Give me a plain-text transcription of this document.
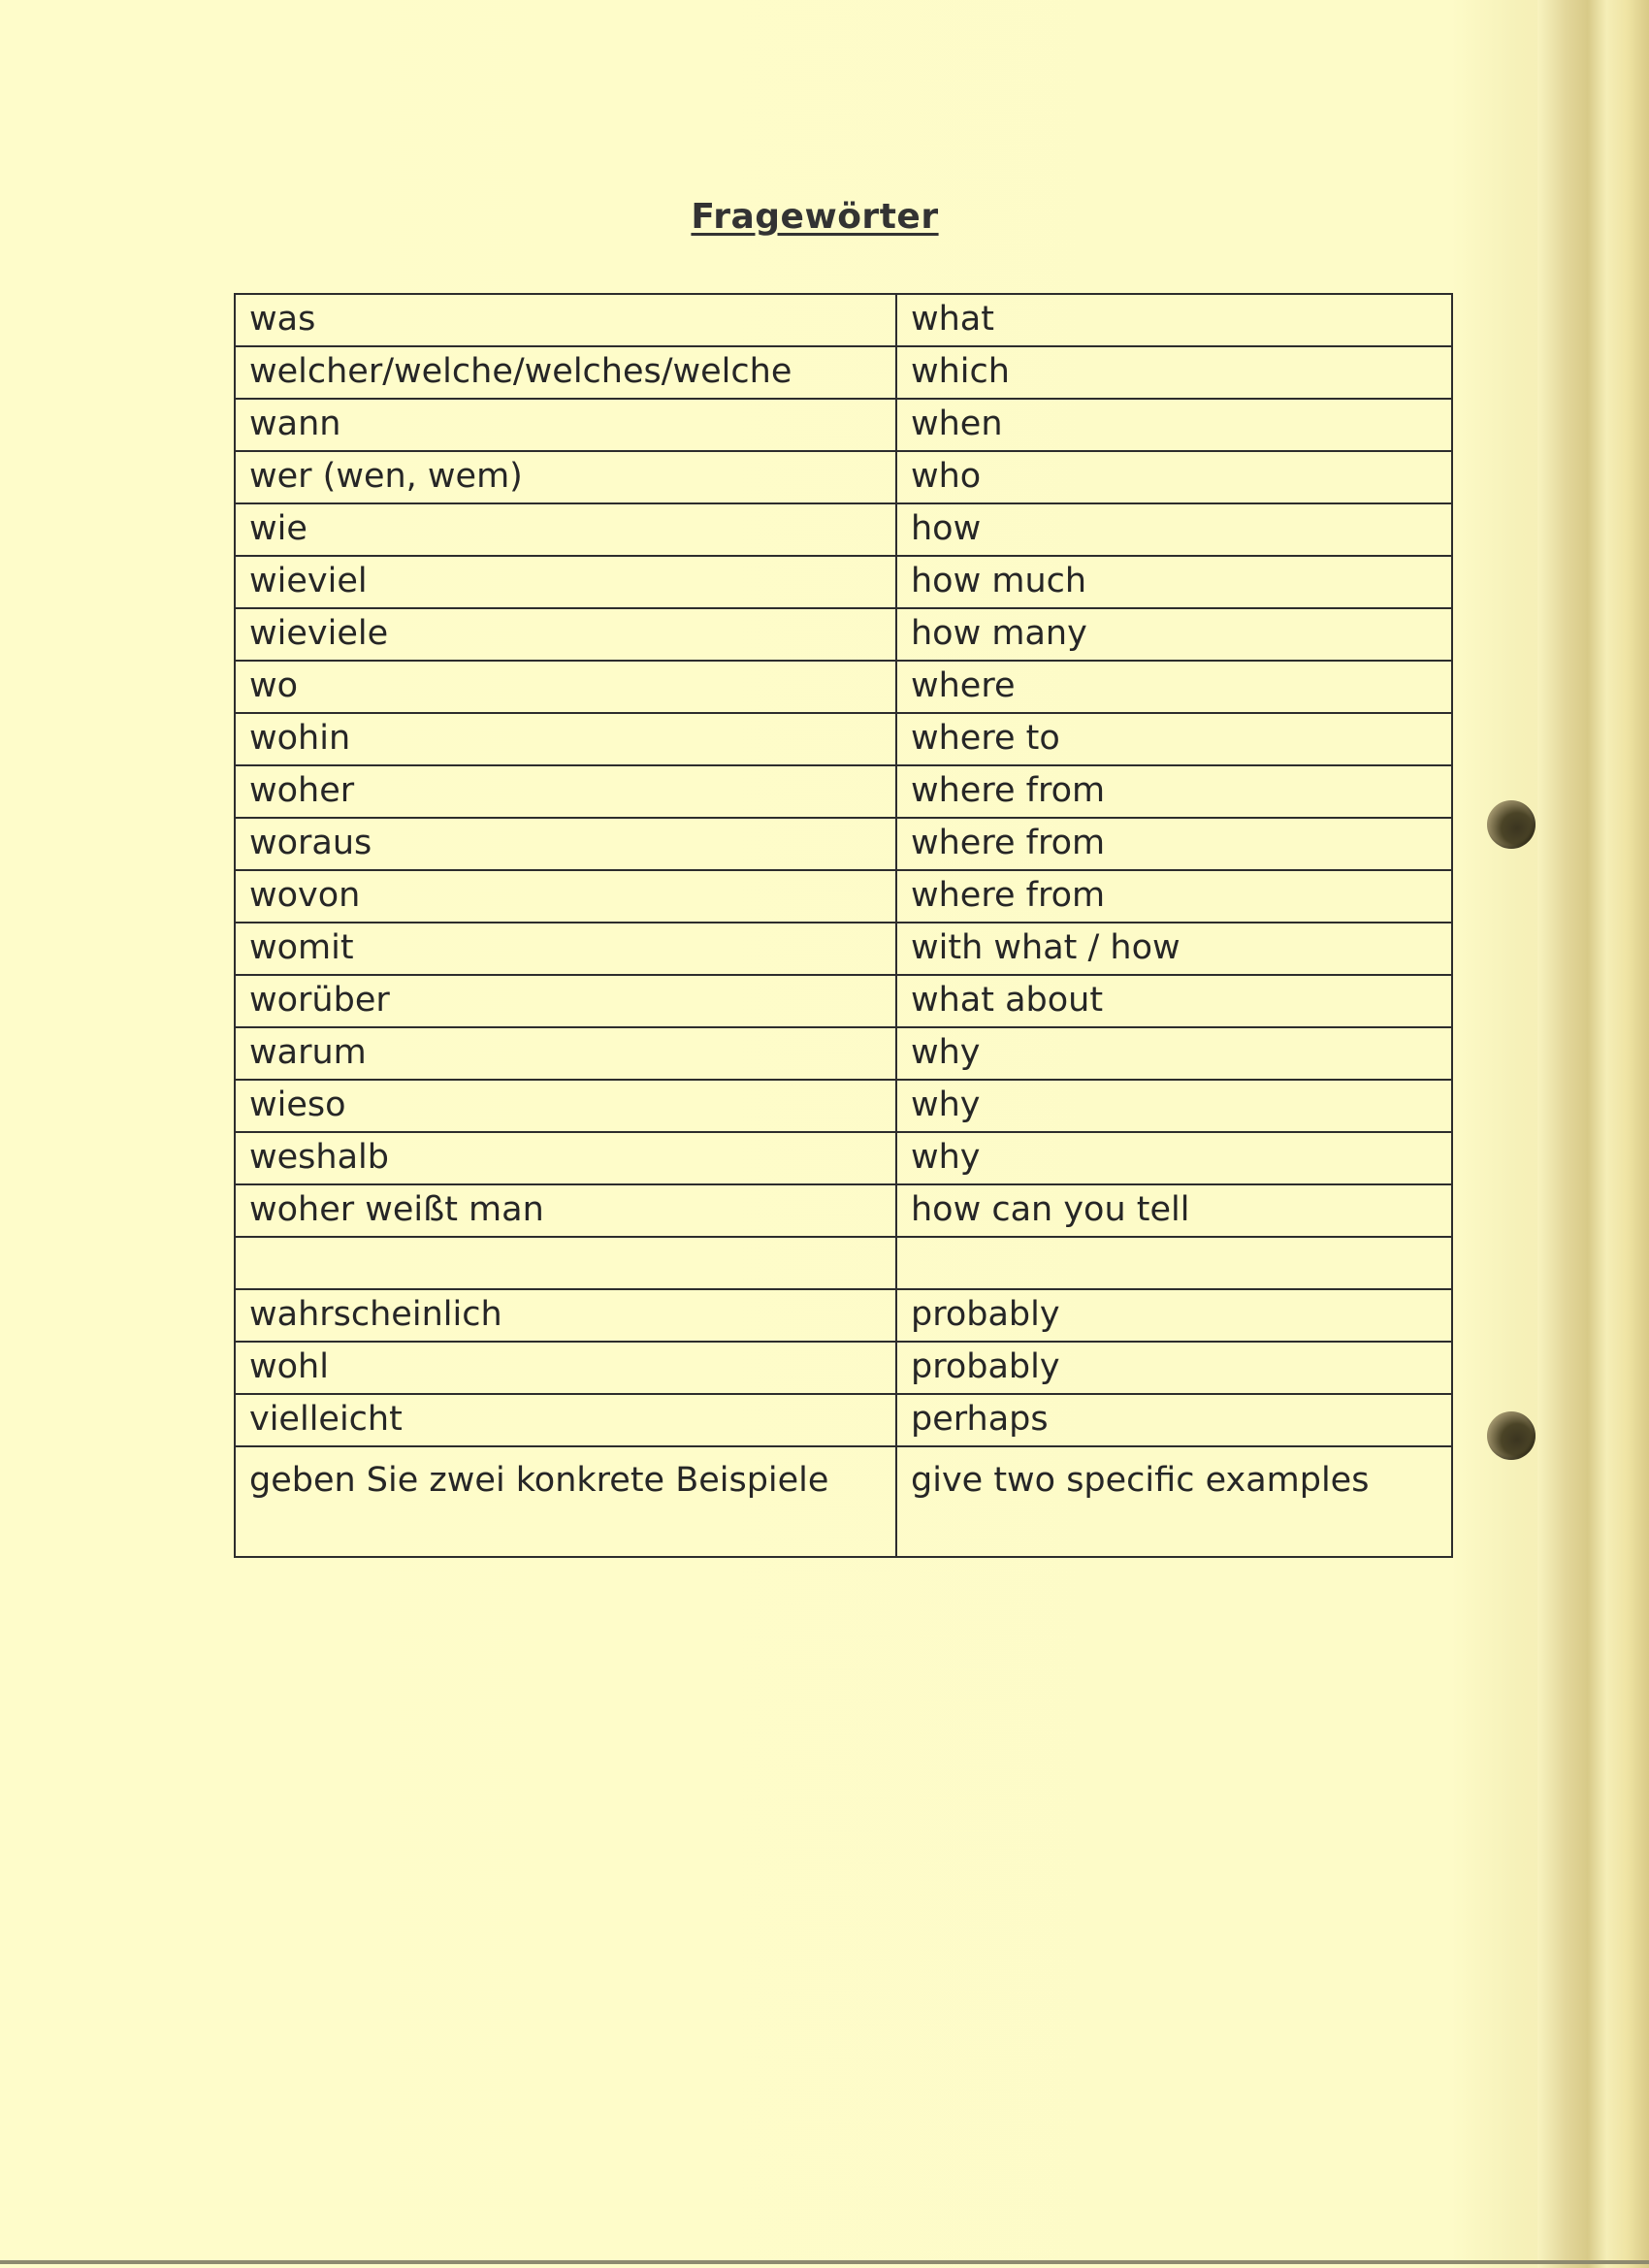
Fragewörter
was	what
welcher/welche/welches/welche	which
wann	when
wer (wen, wem)	who
wie	how
wieviel	how much
wieviele	how many
wo	where
wohin	where to
woher	where from
woraus	where from
wovon	where from
womit	with what / how
worüber	what about
warum	why
wieso	why
weshalb	why
woher weißt man	how can you tell

wahrscheinlich	probably
wohl	probably
vielleicht	perhaps
geben Sie zwei konkrete Beispiele	give two specific examples
